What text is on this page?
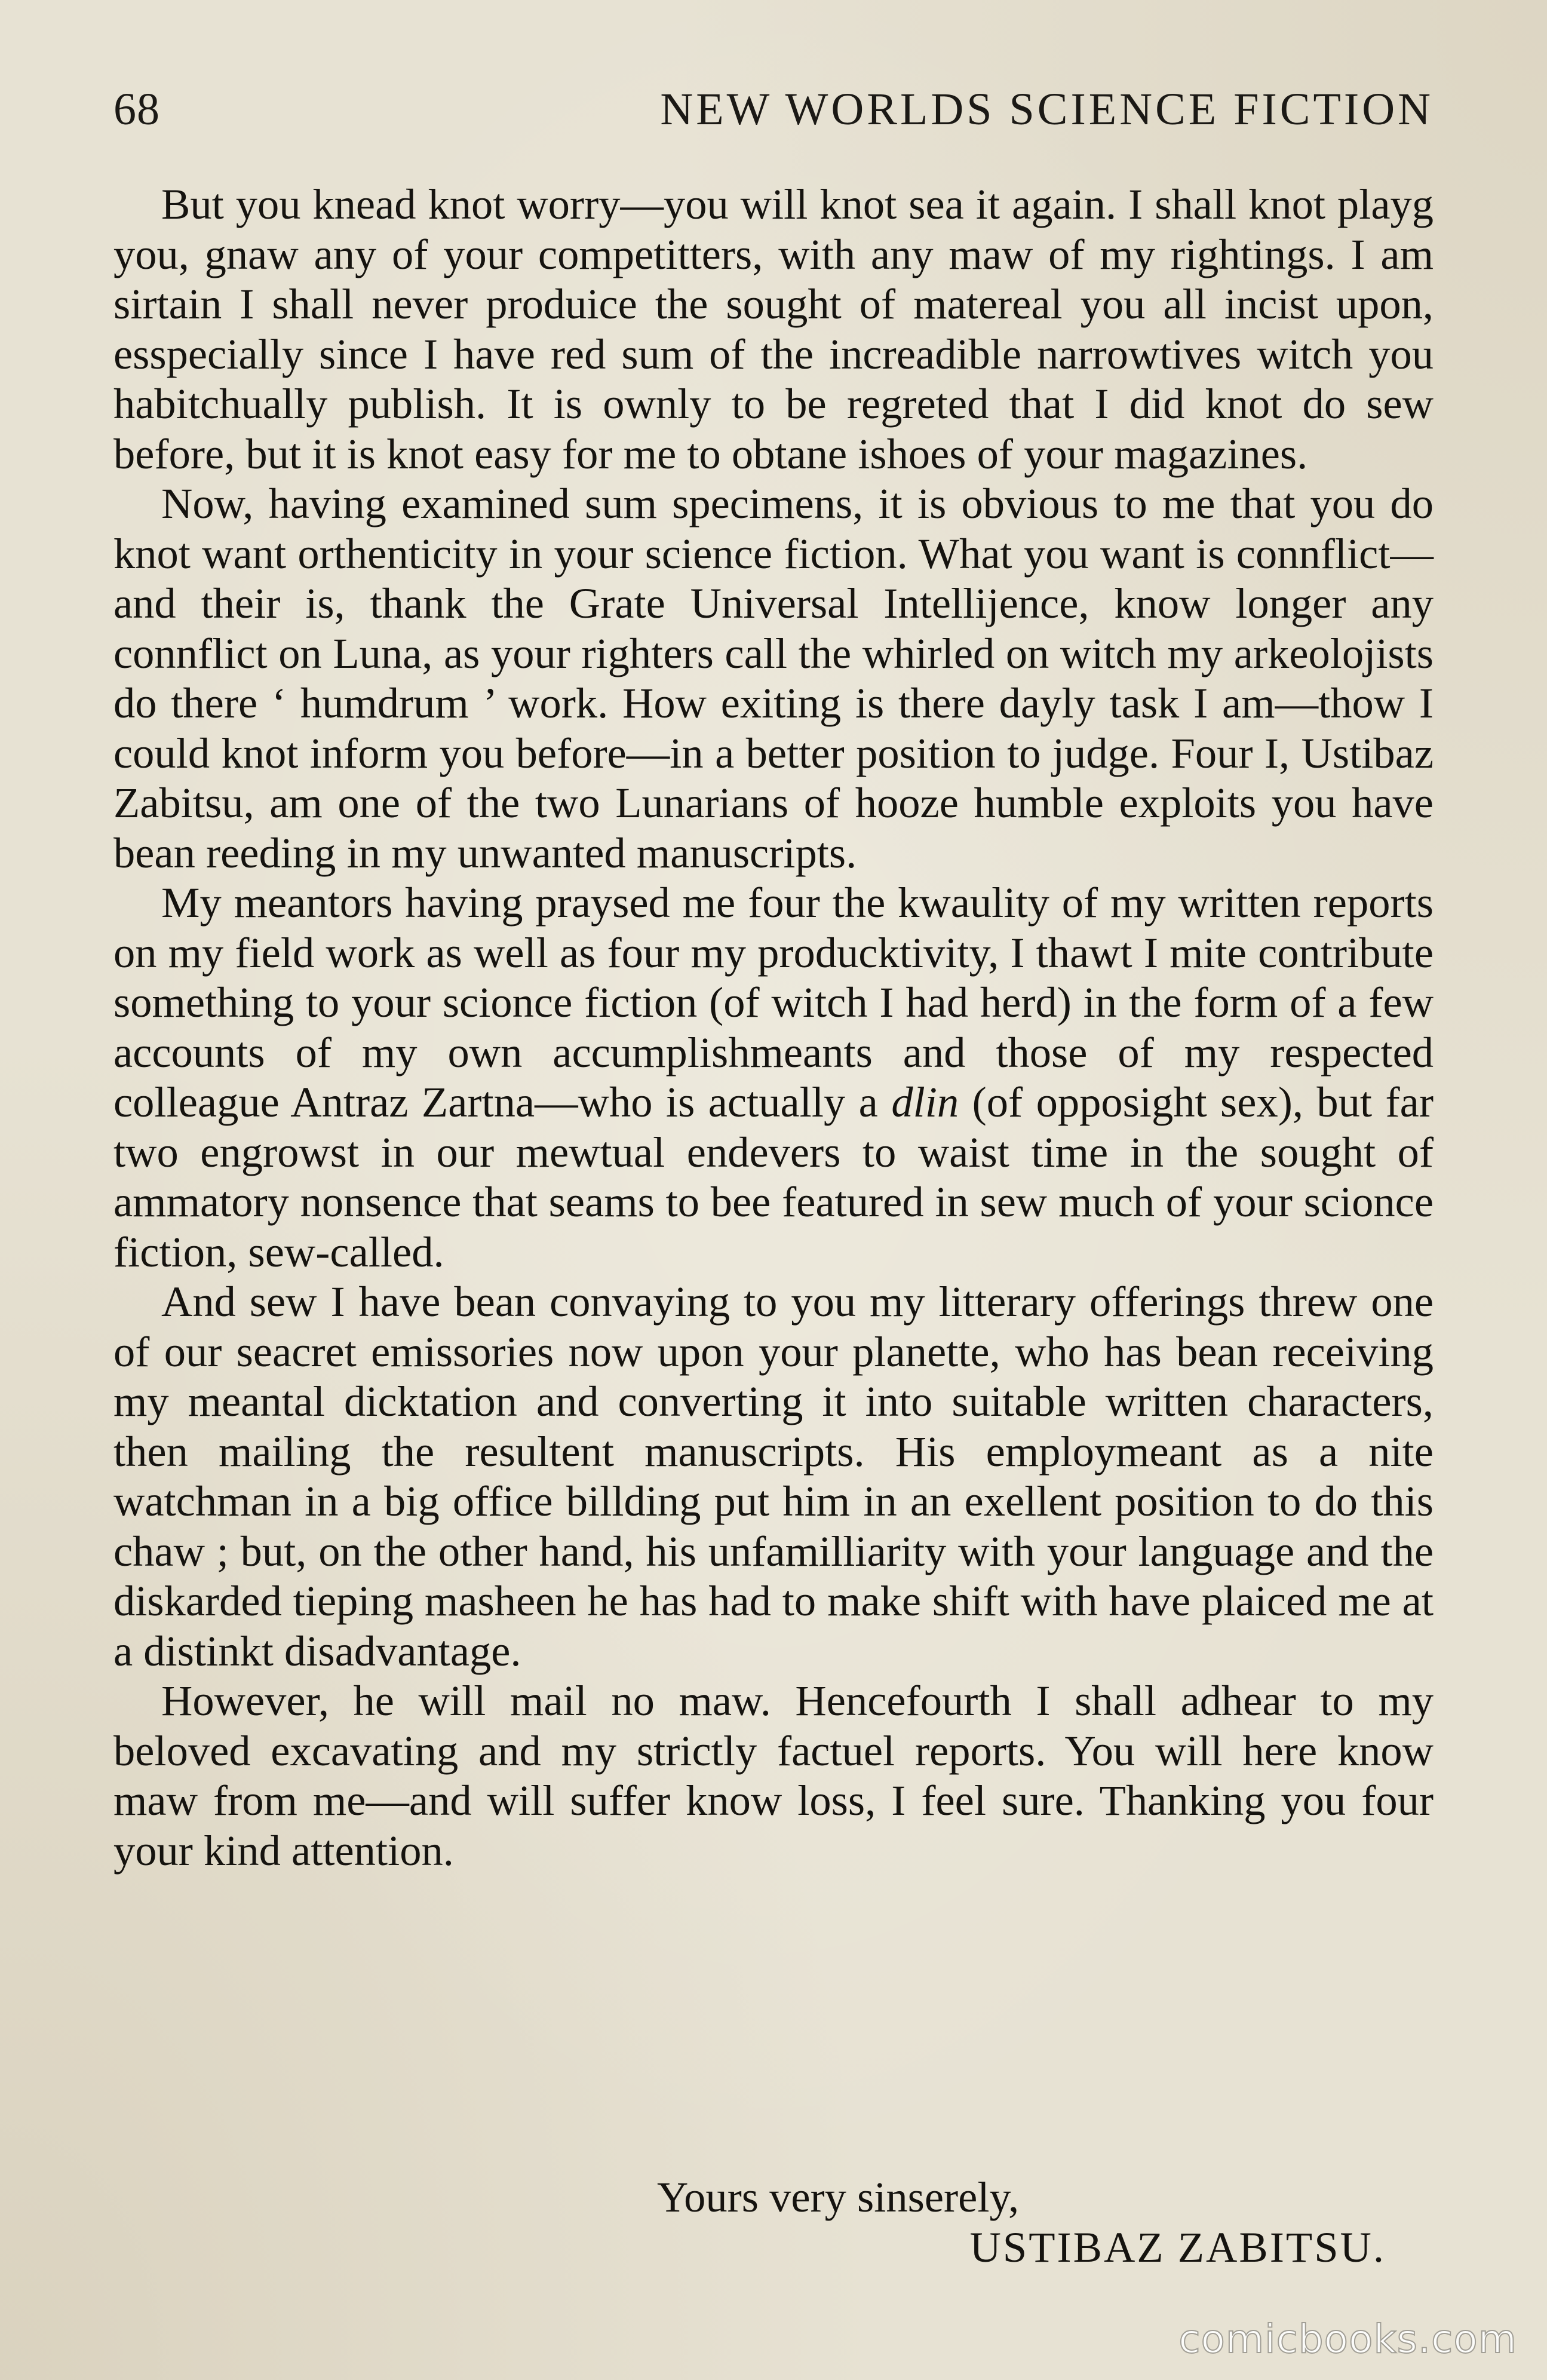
68	NEW WORLDS SCIENCE FICTION

But you knead knot worry—you will knot sea it again. I shall knot playg you, gnaw any of your competitters, with any maw of my rightings. I am sirtain I shall never produice the sought of matereal you all incist upon, esspecially since I have red sum of the increadible narrowtives witch you habitchually publish. It is ownly to be regreted that I did knot do sew before, but it is knot easy for me to obtane ishoes of your magazines.

Now, having examined sum specimens, it is obvious to me that you do knot want orthenticity in your science fiction. What you want is connflict—and their is, thank the Grate Universal Intellijence, know longer any connflict on Luna, as your righters call the whirled on witch my arkeolojists do there ‘ humdrum ’ work. How exiting is there dayly task I am—thow I could knot inform you before—in a better position to judge. Four I, Ustibaz Zabitsu, am one of the two Lunarians of hooze humble exploits you have bean reeding in my unwanted manuscripts.

My meantors having praysed me four the kwaulity of my written reports on my field work as well as four my producktivity, I thawt I mite contribute something to your scionce fiction (of witch I had herd) in the form of a few accounts of my own accumplishmeants and those of my respected colleague Antraz Zartna—who is actually a dlin (of opposight sex), but far two engrowst in our mewtual endevers to waist time in the sought of ammatory nonsence that seams to bee featured in sew much of your scionce fiction, sew-called.

And sew I have bean convaying to you my litterary offerings threw one of our seacret emissories now upon your planette, who has bean receiving my meantal dicktation and converting it into suitable written characters, then mailing the resultent manuscripts. His employmeant as a nite watchman in a big office billding put him in an exellent position to do this chaw ; but, on the other hand, his unfamilliarity with your language and the diskarded tieping masheen he has had to make shift with have plaiced me at a distinkt disadvantage.

However, he will mail no maw. Hencefourth I shall adhear to my beloved excavating and my strictly factuel reports. You will here know maw from me—and will suffer know loss, I feel sure. Thanking you four your kind attention.

Yours very sinserely,
USTIBAZ ZABITSU.
comicbooks.com
